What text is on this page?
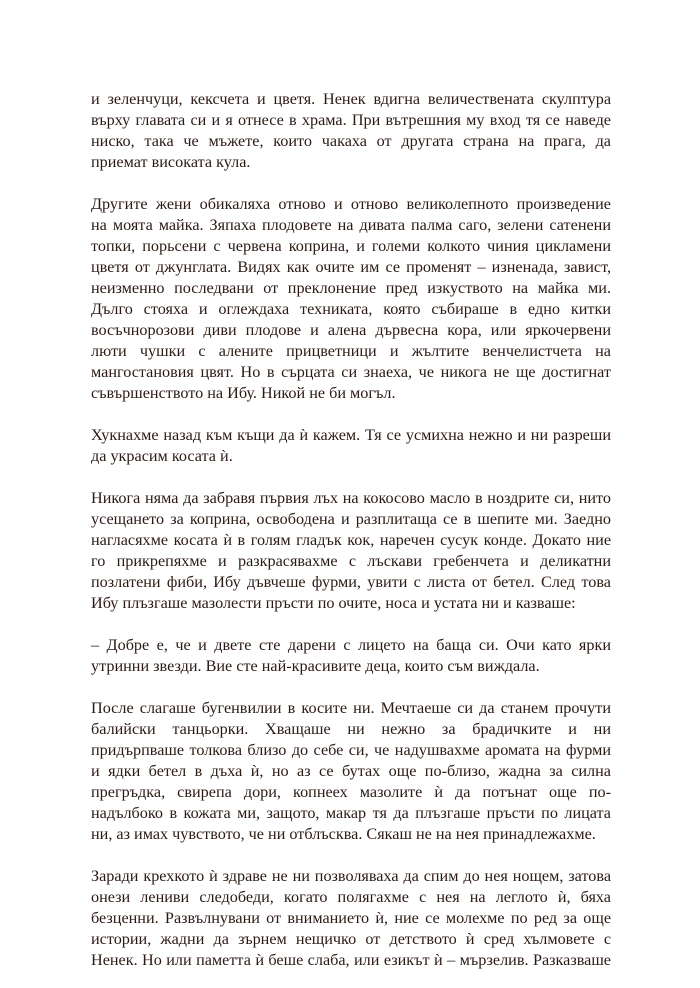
и зеленчуци, кексчета и цветя. Ненек вдигна величествената скулптура
върху главата си и я отнесе в храма. При вътрешния му вход тя се наведе
ниско, така че мъжете, които чакаха от другата страна на прага, да
приемат високата кула.
Другите жени обикаляха отново и отново великолепното произведение
на моята майка. Зяпаха плодовете на дивата палма саго, зелени сатенени
топки, порьсени с червена коприна, и големи колкото чиния цикламени
цветя от джунглата. Видях как очите им се променят – изненада, завист,
неизменно последвани от преклонение пред изкуството на майка ми.
Дълго стояха и оглеждаха техниката, която събираше в едно китки
восъчнорозови диви плодове и алена дървесна кора, или яркочервени
люти чушки с алените прицветници и жълтите венчелистчета на
мангостановия цвят. Но в сърцата си знаеха, че никога не ще достигнат
съвършенството на Ибу. Никой не би могъл.
Хукнахме назад към къщи да ѝ кажем. Тя се усмихна нежно и ни разреши
да украсим косата ѝ.
Никога няма да забравя първия лъх на кокосово масло в ноздрите си, нито
усещането за коприна, освободена и разплитаща се в шепите ми. Заедно
нагласяхме косата ѝ в голям гладък кок, наречен сусук конде. Докато ние
го прикрепяхме и разкрасявахме с лъскави гребенчета и деликатни
позлатени фиби, Ибу дъвчеше фурми, увити с листа от бетел. След това
Ибу плъзгаше мазолести пръсти по очите, носа и устата ни и казваше:
– Добре е, че и двете сте дарени с лицето на баща си. Очи като ярки
утринни звезди. Вие сте най-красивите деца, които съм виждала.
После слагаше бугенвилии в косите ни. Мечтаеше си да станем прочути
балийски танцьорки. Хващаше ни нежно за брадичките и ни
придърпваше толкова близо до себе си, че надушвахме аромата на фурми
и ядки бетел в дъха ѝ, но аз се бутах още по-близо, жадна за силна
прегръдка, свирепа дори, копнеех мазолите ѝ да потънат още по-
надълбоко в кожата ми, защото, макар тя да плъзгаше пръсти по лицата
ни, аз имах чувството, че ни отблъсква. Сякаш не на нея принадлежахме.
Заради крехкото ѝ здраве не ни позволяваха да спим до нея нощем, затова
онези лениви следобеди, когато полягахме с нея на леглото ѝ, бяха
безценни. Развълнувани от вниманието ѝ, ние се молехме по ред за още
истории, жадни да зърнем нещичко от детството ѝ сред хълмовете с
Ненек. Но или паметта ѝ беше слаба, или езикът ѝ – мързелив. Разказваше
